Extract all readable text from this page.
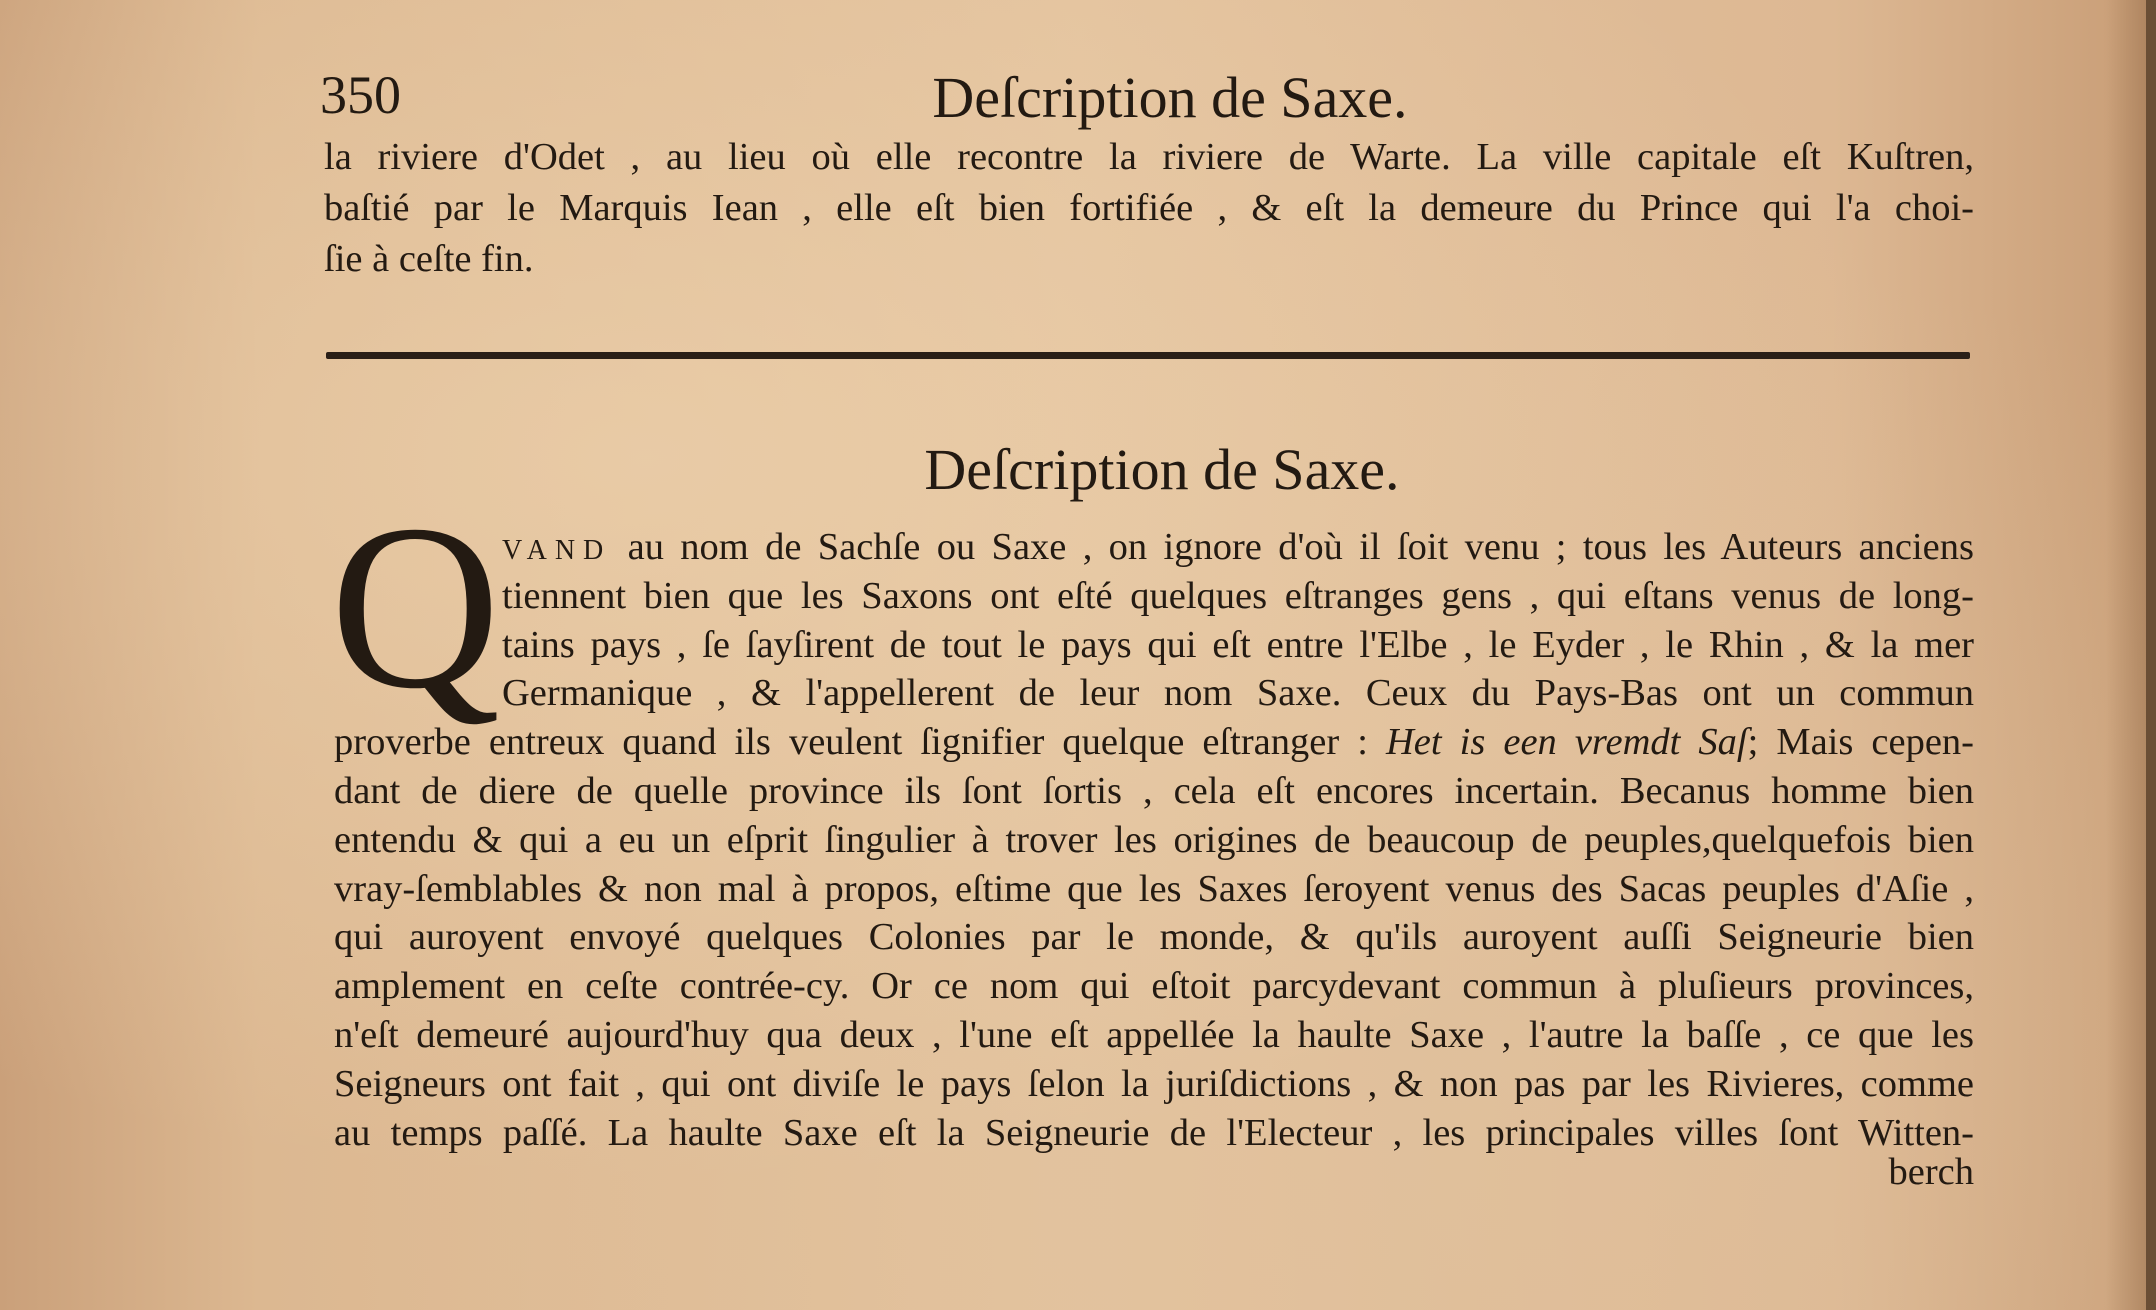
350	Deſcription de Saxe.
la riviere d'Odet , au lieu où elle recontre la riviere de Warte. La ville capitale eſt Kuſtren,
baſtié par le Marquis Iean , elle eſt bien fortifiée , & eſt la demeure du Prince qui l'a choi-
ſie à ceſte fin.
Deſcription de Saxe.
Q VAND au nom de Sachſe ou Saxe , on ignore d'où il ſoit venu ; tous les Auteurs anciens
tiennent bien que les Saxons ont eſté quelques eſtranges gens , qui eſtans venus de long-
tains pays , ſe ſayſirent de tout le pays qui eſt entre l'Elbe , le Eyder , le Rhin , & la mer
Germanique , & l'appellerent de leur nom Saxe. Ceux du Pays-Bas ont un commun
proverbe entreux quand ils veulent ſignifier quelque eſtranger : Het is een vremdt Saſ; Mais cepen-
dant de diere de quelle province ils ſont ſortis , cela eſt encores incertain. Becanus homme bien
entendu & qui a eu un eſprit ſingulier à trover les origines de beaucoup de peuples,quelquefois bien
vray-ſemblables & non mal à propos, eſtime que les Saxes ſeroyent venus des Sacas peuples d'Aſie ,
qui auroyent envoyé quelques Colonies par le monde, & qu'ils auroyent auſſi Seigneurie bien
amplement en ceſte contrée-cy. Or ce nom qui eſtoit parcydevant commun à pluſieurs provinces,
n'eſt demeuré aujourd'huy qua deux , l'une eſt appellée la haulte Saxe , l'autre la baſſe , ce que les
Seigneurs ont fait , qui ont diviſe le pays ſelon la juriſdictions , & non pas par les Rivieres, comme
au temps paſſé. La haulte Saxe eſt la Seigneurie de l'Electeur , les principales villes ſont Witten-
berch
